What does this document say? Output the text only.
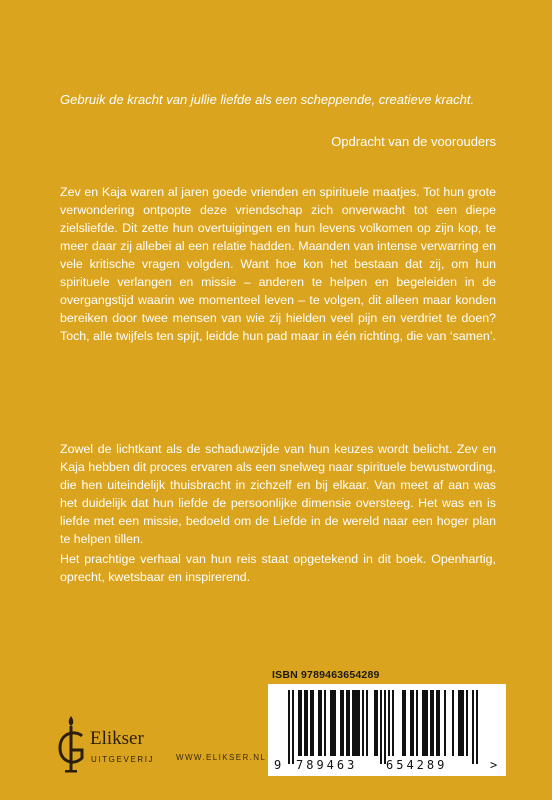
Gebruik de kracht van jullie liefde als een scheppende, creatieve kracht.
Opdracht van de voorouders
Zev en Kaja waren al jaren goede vrienden en spirituele maatjes. Tot hun grote verwondering ontpopte deze vriendschap zich onverwacht tot een diepe zielsliefde. Dit zette hun overtuigingen en hun levens volkomen op zijn kop, te meer daar zij allebei al een relatie hadden. Maanden van intense verwarring en vele kritische vragen volgden. Want hoe kon het bestaan dat zij, om hun spirituele verlangen en missie – anderen te helpen en begeleiden in de overgangstijd waarin we momenteel leven – te volgen, dit alleen maar konden bereiken door twee mensen van wie zij hielden veel pijn en verdriet te doen? Toch, alle twijfels ten spijt, leidde hun pad maar in één richting, die van ‘samen’.
Zowel de lichtkant als de schaduwzijde van hun keuzes wordt belicht. Zev en Kaja hebben dit proces ervaren als een snelweg naar spirituele bewustwording, die hen uiteindelijk thuisbracht in zichzelf en bij elkaar. Van meet af aan was het duidelijk dat hun liefde de persoonlijke dimensie oversteeg. Het was en is liefde met een missie, bedoeld om de Liefde in de wereld naar een hoger plan te helpen tillen.
Het prachtige verhaal van hun reis staat opgetekend in dit boek. Openhartig, oprecht, kwetsbaar en inspirerend.
Elikser
UITGEVERIJ	WWW.ELIKSER.NL
ISBN 9789463654289
9 789463 654289	>
